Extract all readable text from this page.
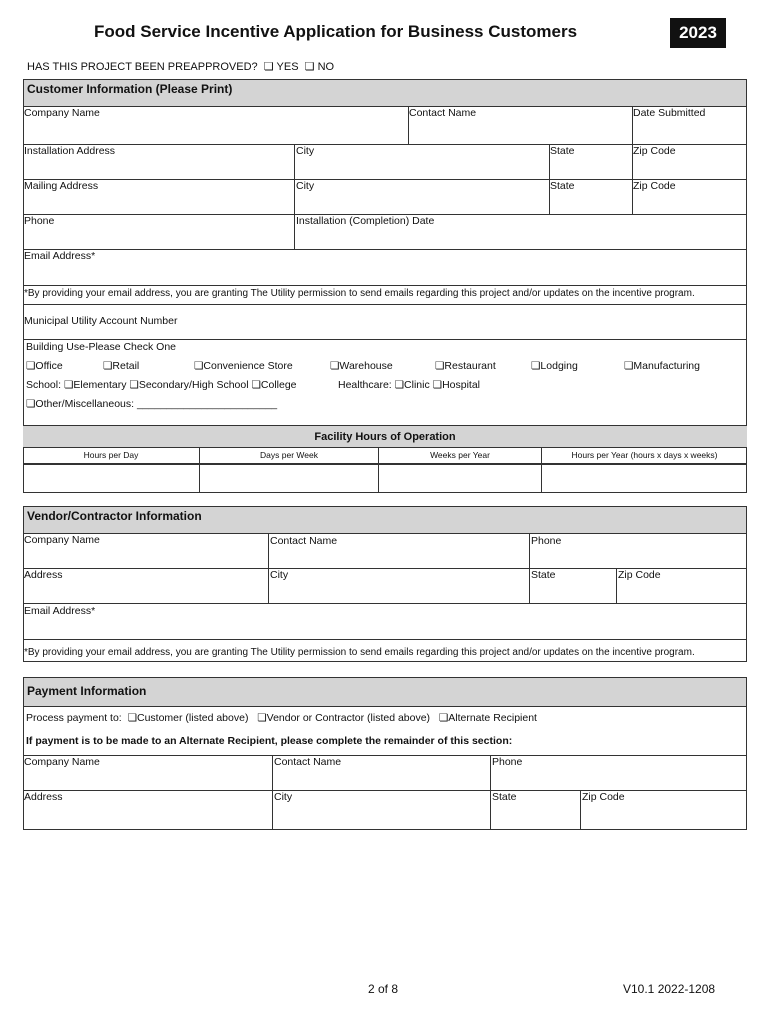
Food Service Incentive Application for Business Customers	2023
HAS THIS PROJECT BEEN PREAPPROVED? ❏ YES ❏ NO
Customer Information (Please Print)
Company Name	Contact Name	Date Submitted
Installation Address	City	State	Zip Code
Mailing Address	City	State	Zip Code
Phone	Installation (Completion) Date
Email Address*
*By providing your email address, you are granting The Utility permission to send emails regarding this project and/or updates on the incentive program.
Municipal Utility Account Number
Building Use-Please Check One
❏Office	❏Retail	❏Convenience Store	❏Warehouse	❏Restaurant	❏Lodging	❏Manufacturing
School: ❏Elementary ❏Secondary/High School ❏College	Healthcare: ❏Clinic ❏Hospital
❏Other/Miscellaneous: ________________________
Facility Hours of Operation
Hours per Day	Days per Week	Weeks per Year	Hours per Year (hours x days x weeks)
Vendor/Contractor Information
Company Name	Contact Name	Phone
Address	City	State	Zip Code
Email Address*
*By providing your email address, you are granting The Utility permission to send emails regarding this project and/or updates on the incentive program.
Payment Information
Process payment to: ❏Customer (listed above) ❏Vendor or Contractor (listed above) ❏Alternate Recipient
If payment is to be made to an Alternate Recipient, please complete the remainder of this section:
Company Name	Contact Name	Phone
Address	City	State	Zip Code
2 of 8	V10.1 2022-1208
